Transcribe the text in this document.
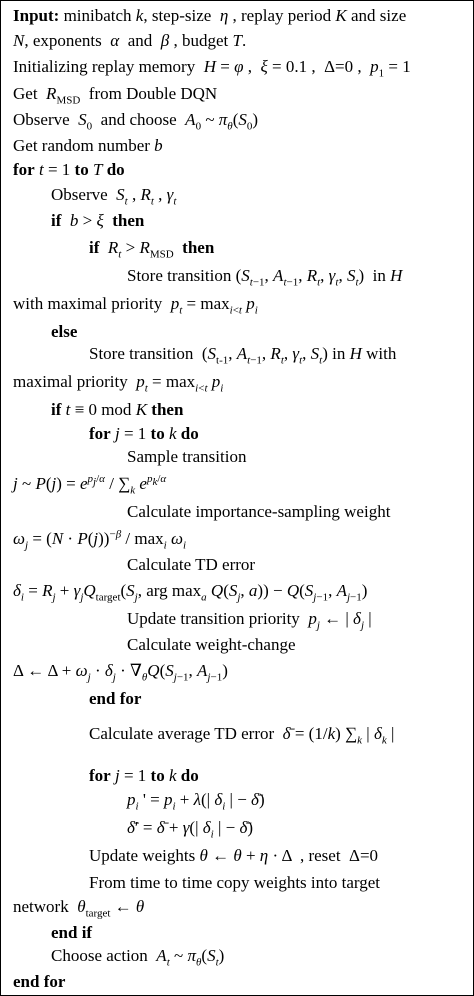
Input: minibatch k, step-size  η , replay period K and size
N, exponents  α  and  β , budget T.
Initializing replay memory  H = φ ,  ξ = 0.1 ,  Δ=0 ,  $p_1 = 1$
Get  $R_{MSD}$  from Double DQN
Observe  $S_0$  and choose  $A_0$ ~ $\pi_\theta(S_0)$
Get random number b
for t = 1 to T do
Observe  $S_t$ , $R_t$ , $\gamma_t$
if b > ξ then
if $R_t > R_{MSD}$ then
Store transition ($S_{t-1}$, $A_{t-1}$, $R_t$, $\gamma_t$, $S_t$)  in H
with maximal priority  $p_t = \max_{i<t} p_i$
else
Store transition  ($S_{t-1}$, $A_{t-1}$, $R_t$, $\gamma_t$, $S_t$) in H with
maximal priority  $p_t = \max_{i<t} p_i$
if t ≡ 0 mod K then
for j = 1 to k do
Sample transition
j ~ $P(j) = e^{p_j/\alpha} / \sum_k$ $e^{p_k/\alpha}$
Calculate importance-sampling weight
$\omega_j = (N \cdot P(j))^{-\beta} / \max_i \omega_i$
Calculate TD error
$\delta_i = R_j + \gamma_jQ_{target}(S_j$, arg $\max_a Q(S_j$, $a)) - Q(S_{j-1}$, $A_{j-1}$)
Update transition priority  $p_j$ ← | $\delta_j$ |
Calculate weight-change
Δ ← $\Delta + \omega_j \cdot \delta_j \cdot \nabla_\theta Q(S_{j-1}$, $A_{j-1}$)
end for
Calculate average TD error  δ̄ = (1/k) $\sum_k$ | $\delta_k$ |
for j = 1 to k do
$p_i$ ' = $p_i + \lambda(|$ $\delta_i$ | − δ̄)
δ̄′ = δ̄ + γ(| $\delta_i$ | − δ̄)
Update weights θ ← θ + η · Δ  , reset  Δ=0
From time to time copy weights into target
network  $\theta_{target}$ ← θ
end if
Choose action  $A_t$ ~ $\pi_\theta(S_t)$
end for
